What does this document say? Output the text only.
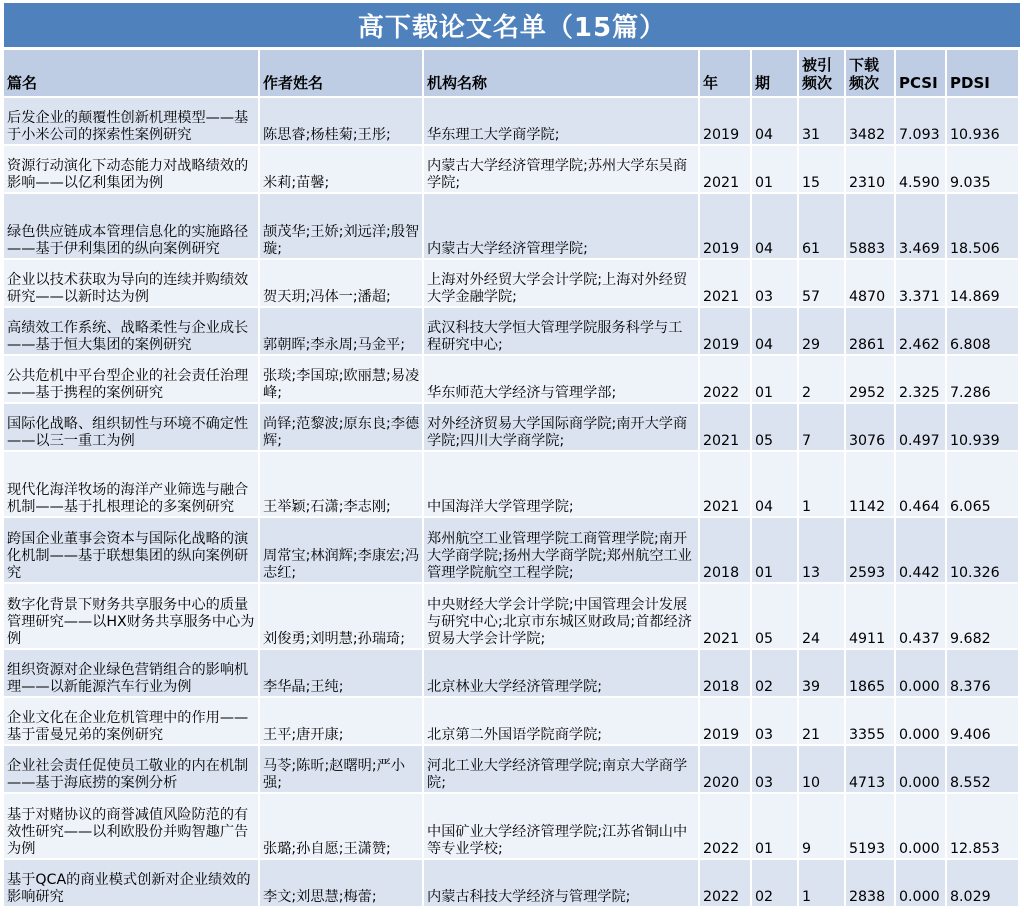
高下载论文名单（15篇）
篇名	作者姓名	机构名称	年	期	被引频次	下载频次	PCSI	PDSI
后发企业的颠覆性创新机理模型——基于小米公司的探索性案例研究	陈思睿;杨桂菊;王彤;	华东理工大学商学院;	2019	04	31	3482	7.093	10.936
资源行动演化下动态能力对战略绩效的影响——以亿利集团为例	米莉;苗馨;	内蒙古大学经济管理学院;苏州大学东吴商学院;	2021	01	15	2310	4.590	9.035
绿色供应链成本管理信息化的实施路径——基于伊利集团的纵向案例研究	颉茂华;王娇;刘远洋;殷智璇;	内蒙古大学经济管理学院;	2019	04	61	5883	3.469	18.506
企业以技术获取为导向的连续并购绩效研究——以新时达为例	贺天玥;冯体一;潘超;	上海对外经贸大学会计学院;上海对外经贸大学金融学院;	2021	03	57	4870	3.371	14.869
高绩效工作系统、战略柔性与企业成长——基于恒大集团的案例研究	郭朝晖;李永周;马金平;	武汉科技大学恒大管理学院服务科学与工程研究中心;	2019	04	29	2861	2.462	6.808
公共危机中平台型企业的社会责任治理——基于携程的案例研究	张琰;李国琼;欧丽慧;易凌峰;	华东师范大学经济与管理学部;	2022	01	2	2952	2.325	7.286
国际化战略、组织韧性与环境不确定性——以三一重工为例	尚铎;范黎波;原东良;李德辉;	对外经济贸易大学国际商学院;南开大学商学院;四川大学商学院;	2021	05	7	3076	0.497	10.939
现代化海洋牧场的海洋产业筛选与融合机制——基于扎根理论的多案例研究	王举颖;石潇;李志刚;	中国海洋大学管理学院;	2021	04	1	1142	0.464	6.065
跨国企业董事会资本与国际化战略的演化机制——基于联想集团的纵向案例研究	周常宝;林润辉;李康宏;冯志红;	郑州航空工业管理学院工商管理学院;南开大学商学院;扬州大学商学院;郑州航空工业管理学院航空工程学院;	2018	01	13	2593	0.442	10.326
数字化背景下财务共享服务中心的质量管理研究——以HX财务共享服务中心为例	刘俊勇;刘明慧;孙瑞琦;	中央财经大学会计学院;中国管理会计发展与研究中心;北京市东城区财政局;首都经济贸易大学会计学院;	2021	05	24	4911	0.437	9.682
组织资源对企业绿色营销组合的影响机理——以新能源汽车行业为例	李华晶;王纯;	北京林业大学经济管理学院;	2018	02	39	1865	0.000	8.376
企业文化在企业危机管理中的作用——基于雷曼兄弟的案例研究	王平;唐开康;	北京第二外国语学院商学院;	2019	03	21	3355	0.000	9.406
企业社会责任促使员工敬业的内在机制——基于海底捞的案例分析	马苓;陈昕;赵曙明;严小强;	河北工业大学经济管理学院;南京大学商学院;	2020	03	10	4713	0.000	8.552
基于对赌协议的商誉减值风险防范的有效性研究——以利欧股份并购智趣广告为例	张璐;孙自愿;王潇赞;	中国矿业大学经济管理学院;江苏省铜山中等专业学校;	2022	01	9	5193	0.000	12.853
基于QCA的商业模式创新对企业绩效的影响研究	李文;刘思慧;梅蕾;	内蒙古科技大学经济与管理学院;	2022	02	1	2838	0.000	8.029
